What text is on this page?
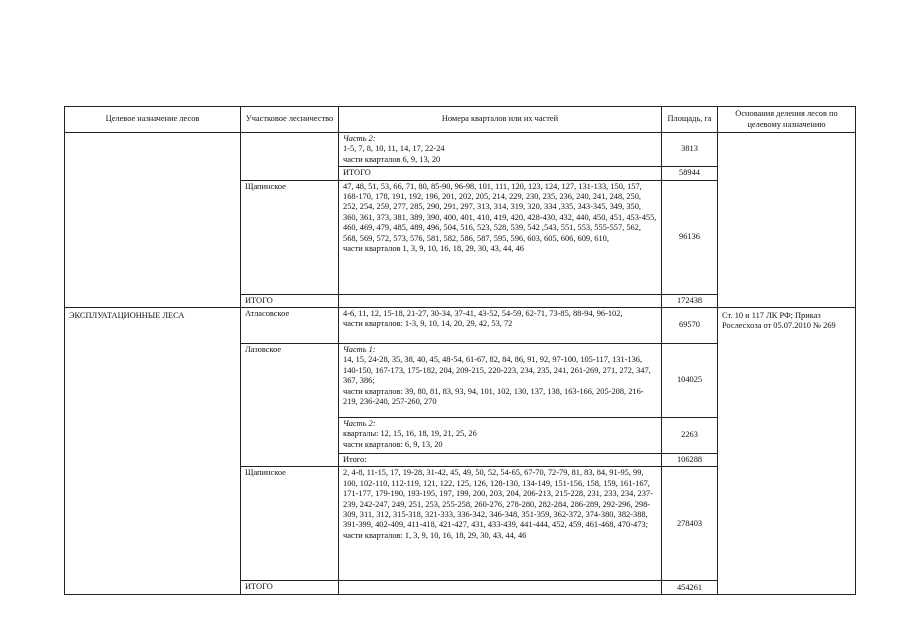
Целевое назначение лесов	Участковое лесничество	Номера кварталов или их частей	Площадь, га	Основания деления лесов по целевому назначению

		Часть 2:
1-5, 7, 8, 10, 11, 14, 17, 22-24
части кварталов 6, 9, 13, 20	3813	
		ИТОГО	58944	
	Щапинское	47, 48, 51, 53, 66, 71, 80, 85-90, 96-98, 101, 111, 120, 123, 124, 127, 131-133, 150, 157, 168-170, 178, 191, 192, 196, 201, 202, 205, 214, 229, 230, 235, 236, 240, 241, 248, 250, 252, 254, 259, 277, 285, 290, 291, 297, 313, 314, 319, 320, 334 ,335, 343-345, 349, 350, 360, 361, 373, 381, 389, 390, 400, 401, 410, 419, 420, 428-430, 432, 440, 450, 451, 453-455, 460, 469, 479, 485, 489, 496, 504, 516, 523, 528, 539, 542 ,543, 551, 553, 555-557, 562, 568, 569, 572, 573, 576, 581, 582, 586, 587, 595, 596, 603, 605, 606, 609, 610,
части кварталов 1, 3, 9, 10, 16, 18, 29, 30, 43, 44, 46	96136	
	ИТОГО		172438	
ЭКСПЛУАТАЦИОННЫЕ ЛЕСА	Атласовское	4-6, 11, 12, 15-18, 21-27, 30-34, 37-41, 43-52, 54-59, 62-71, 73-85, 88-94, 96-102,
части кварталов: 1-3, 9, 10, 14, 20, 29, 42, 53, 72	69570	Ст. 10 и 117 ЛК РФ; Приказ Рослесхоза от 05.07.2010 № 269
	Лазовское	Часть 1:
14, 15, 24-28, 35, 38, 40, 45, 48-54, 61-67, 82, 84, 86, 91, 92, 97-100, 105-117, 131-136, 140-150, 167-173, 175-182, 204, 209-215, 220-223, 234, 235, 241, 261-269, 271, 272, 347, 367, 386;
части кварталов: 39, 80, 81, 83, 93, 94, 101, 102, 130, 137, 138, 163-166, 205-208, 216-219, 236-240, 257-260, 270	104025	

		Часть 2:
кварталы: 12, 15, 16, 18, 19, 21, 25, 26
части кварталов: 6, 9, 13, 20	2263	
		Итого:	106288	
	Щапинское	2, 4-8, 11-15, 17, 19-28, 31-42, 45, 49, 50, 52, 54-65, 67-70, 72-79, 81, 83, 84, 91-95, 99, 100, 102-110, 112-119, 121, 122, 125, 126, 128-130, 134-149, 151-156, 158, 159, 161-167, 171-177, 179-190, 193-195, 197, 199, 200, 203, 204, 206-213, 215-228, 231, 233, 234, 237-239, 242-247, 249, 251, 253, 255-258, 260-276, 278-280, 282-284, 286-289, 292-296, 298-309, 311, 312, 315-318, 321-333, 336-342, 346-348, 351-359, 362-372, 374-380, 382-388, 391-399, 402-409, 411-418, 421-427, 431, 433-439, 441-444, 452, 459, 461-468, 470-473;
части кварталов: 1, 3, 9, 10, 16, 18, 29, 30, 43, 44, 46	278403	
	ИТОГО		454261	
